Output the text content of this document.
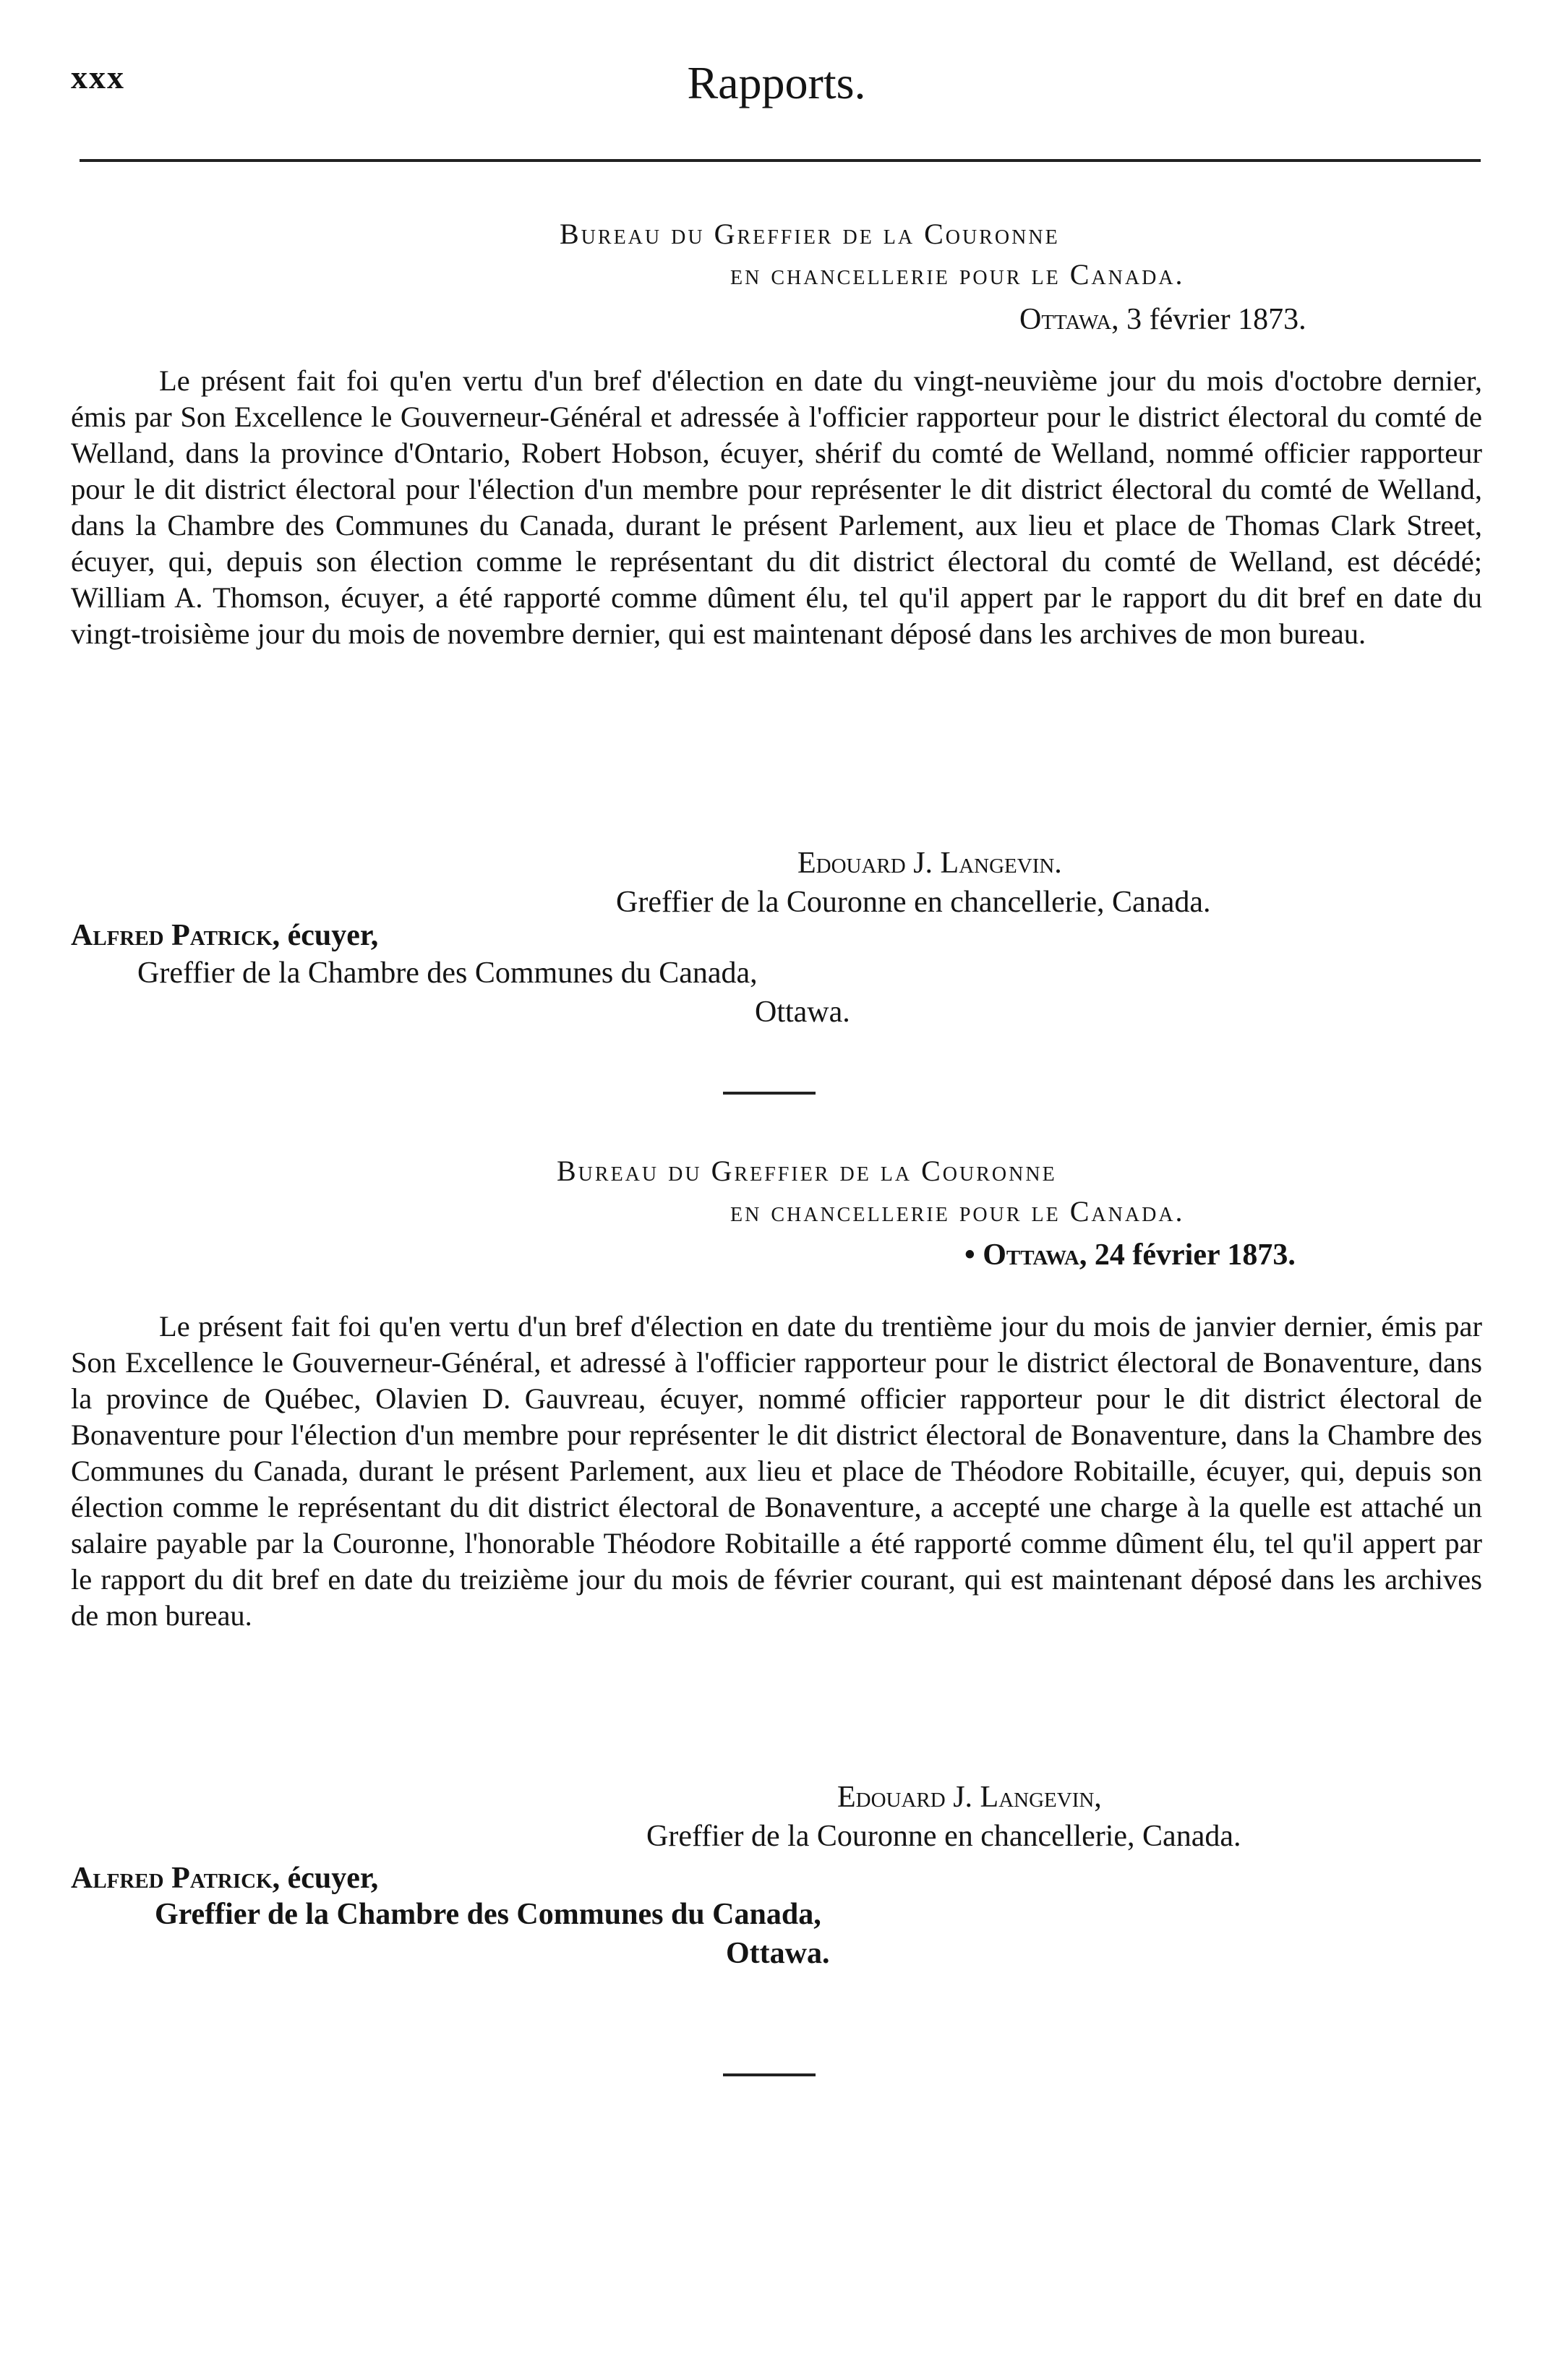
xxx	Rapports.
Bureau du Greffier de la Couronne
en chancellerie pour le Canada.
Ottawa, 3 février 1873.

Le présent fait foi qu'en vertu d'un bref d'élection en date du vingt-neuvième jour du mois d'octobre dernier, émis par Son Excellence le Gouverneur-Général et adressée à l'officier rapporteur pour le district électoral du comté de Welland, dans la province d'Ontario, Robert Hobson, écuyer, shérif du comté de Welland, nommé officier rapporteur pour le dit district électoral pour l'élection d'un membre pour représenter le dit district électoral du comté de Welland, dans la Chambre des Communes du Canada, durant le présent Parlement, aux lieu et place de Thomas Clark Street, écuyer, qui, depuis son élection comme le représentant du dit district électoral du comté de Welland, est décédé; William A. Thomson, écuyer, a été rapporté comme dûment élu, tel qu'il appert par le rapport du dit bref en date du vingt-troisième jour du mois de novembre dernier, qui est maintenant déposé dans les archives de mon bureau.

Edouard J. Langevin.
Greffier de la Couronne en chancellerie, Canada.
Alfred Patrick, écuyer,
Greffier de la Chambre des Communes du Canada,
Ottawa.
Bureau du Greffier de la Couronne
en chancellerie pour le Canada.
• Ottawa, 24 février 1873.

Le présent fait foi qu'en vertu d'un bref d'élection en date du trentième jour du mois de janvier dernier, émis par Son Excellence le Gouverneur-Général, et adressé à l'officier rapporteur pour le district électoral de Bonaventure, dans la province de Québec, Olavien D. Gauvreau, écuyer, nommé officier rapporteur pour le dit district électoral de Bonaventure pour l'élection d'un membre pour représenter le dit district électoral de Bonaventure, dans la Chambre des Communes du Canada, durant le présent Parlement, aux lieu et place de Théodore Robitaille, écuyer, qui, depuis son élection comme le représentant du dit district électoral de Bonaventure, a accepté une charge à la quelle est attaché un salaire payable par la Couronne, l'honorable Théodore Robitaille a été rapporté comme dûment élu, tel qu'il appert par le rapport du dit bref en date du treizième jour du mois de février courant, qui est maintenant déposé dans les archives de mon bureau.

Edouard J. Langevin,
Greffier de la Couronne en chancellerie, Canada.
Alfred Patrick, écuyer,
Greffier de la Chambre des Communes du Canada,
Ottawa.
